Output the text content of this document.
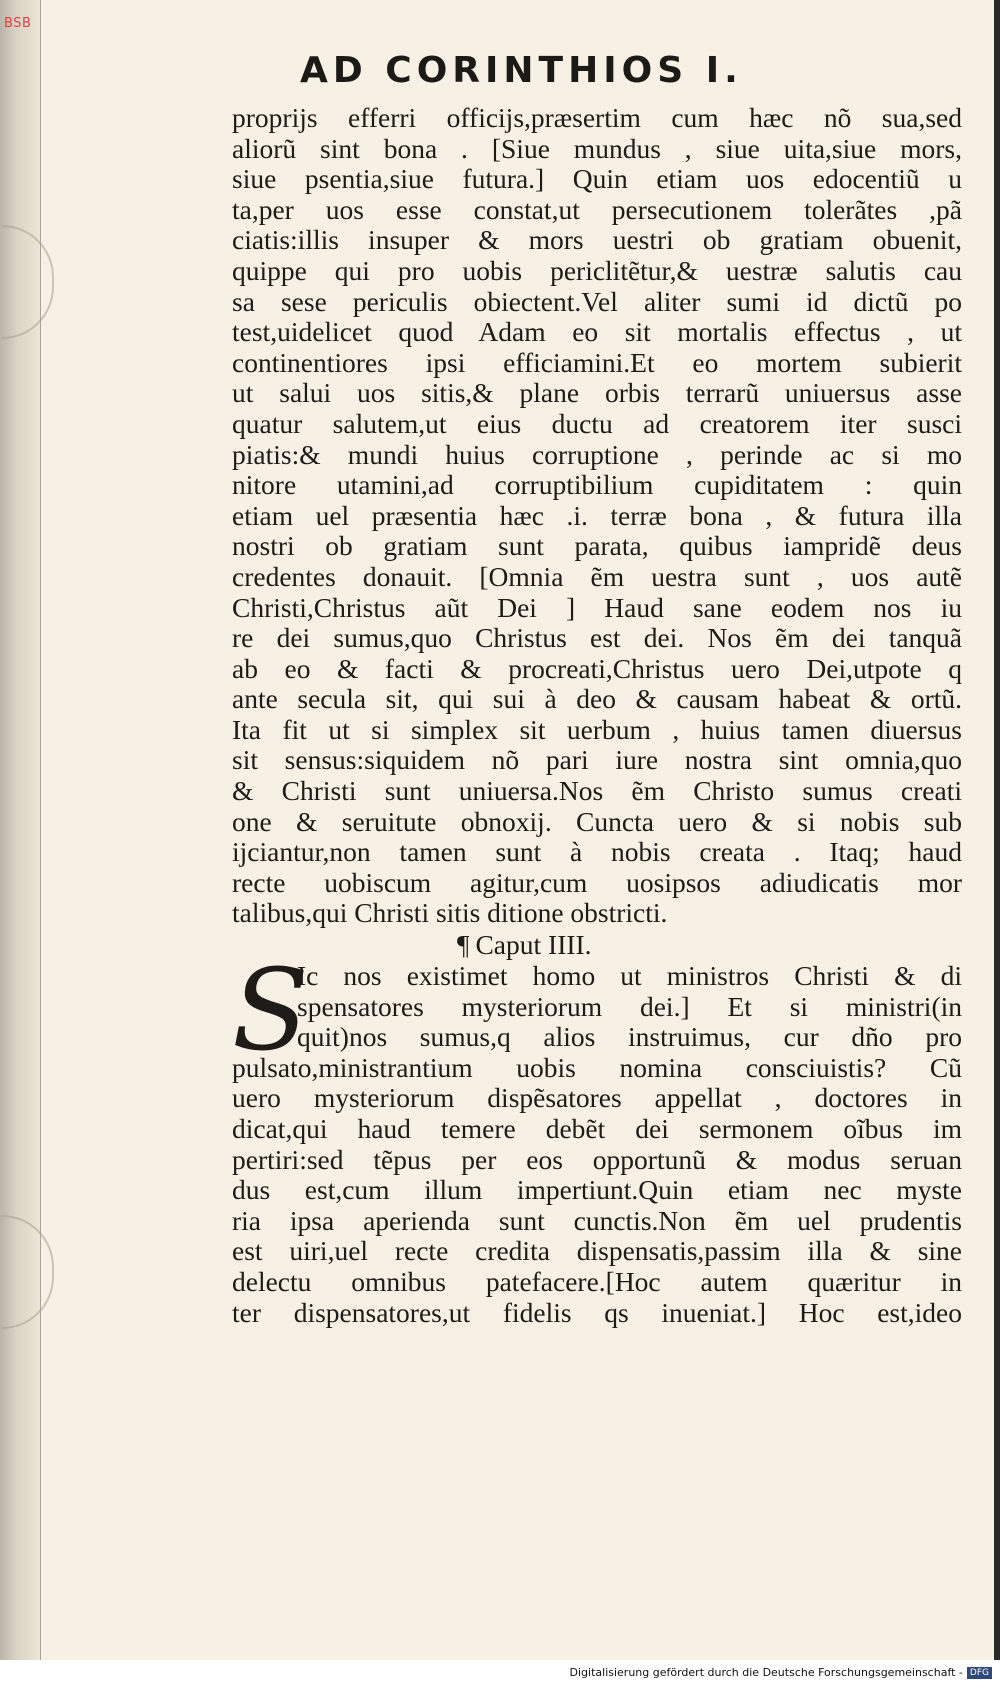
BSB
AD CORINTHIOS I.
proprijs efferri officijs,præsertim cum hæc nõ sua,sed
aliorũ sint bona . [Siue mundus , siue uita,siue mors,
siue psentia,siue futura.] Quin etiam uos edocentiũ u
ta,per uos esse constat,ut persecutionem tolerãtes ,pã
ciatis:illis insuper & mors uestri ob gratiam obuenit,
quippe qui pro uobis periclitẽtur,& uestræ salutis cau
sa sese periculis obiectent.Vel aliter sumi id dictũ po
test,uidelicet quod Adam eo sit mortalis effectus , ut
continentiores ipsi efficiamini.Et eo mortem subierit
ut salui uos sitis,& plane orbis terrarũ uniuersus asse
quatur salutem,ut eius ductu ad creatorem iter susci
piatis:& mundi huius corruptione , perinde ac si mo
nitore utamini,ad corruptibilium cupiditatem : quin
etiam uel præsentia hæc .i. terræ bona , & futura illa
nostri ob gratiam sunt parata, quibus iampridẽ deus
credentes donauit. [Omnia ẽm uestra sunt , uos autẽ
Christi,Christus aũt Dei ] Haud sane eodem nos iu
re dei sumus,quo Christus est dei. Nos ẽm dei tanquã
ab eo & facti & procreati,Christus uero Dei,utpote q
ante secula sit, qui sui à deo & causam habeat & ortũ.
Ita fit ut si simplex sit uerbum , huius tamen diuersus
sit sensus:siquidem nõ pari iure nostra sint omnia,quo
& Christi sunt uniuersa.Nos ẽm Christo sumus creati
one & seruitute obnoxij. Cuncta uero & si nobis sub
ijciantur,non tamen sunt à nobis creata . Itaq; haud
recte uobiscum agitur,cum uosipsos adiudicatis mor
talibus,qui Christi sitis ditione obstricti.
¶ Caput IIII.
S
Ic nos existimet homo ut ministros Christi & di
spensatores mysteriorum dei.] Et si ministri(in
quit)nos sumus,q alios instruimus, cur dño pro
pulsato,ministrantium uobis nomina consciuistis? Cũ
uero mysteriorum dispẽsatores appellat , doctores in
dicat,qui haud temere debẽt dei sermonem oĩbus im
pertiri:sed tẽpus per eos opportunũ & modus seruan
dus est,cum illum impertiunt.Quin etiam nec myste
ria ipsa aperienda sunt cunctis.Non ẽm uel prudentis
est uiri,uel recte credita dispensatis,passim illa & sine
delectu omnibus patefacere.[Hoc autem quæritur in
ter dispensatores,ut fidelis qs inueniat.] Hoc est,ideo
Digitalisierung gefördert durch die Deutsche Forschungsgemeinschaft - DFG
